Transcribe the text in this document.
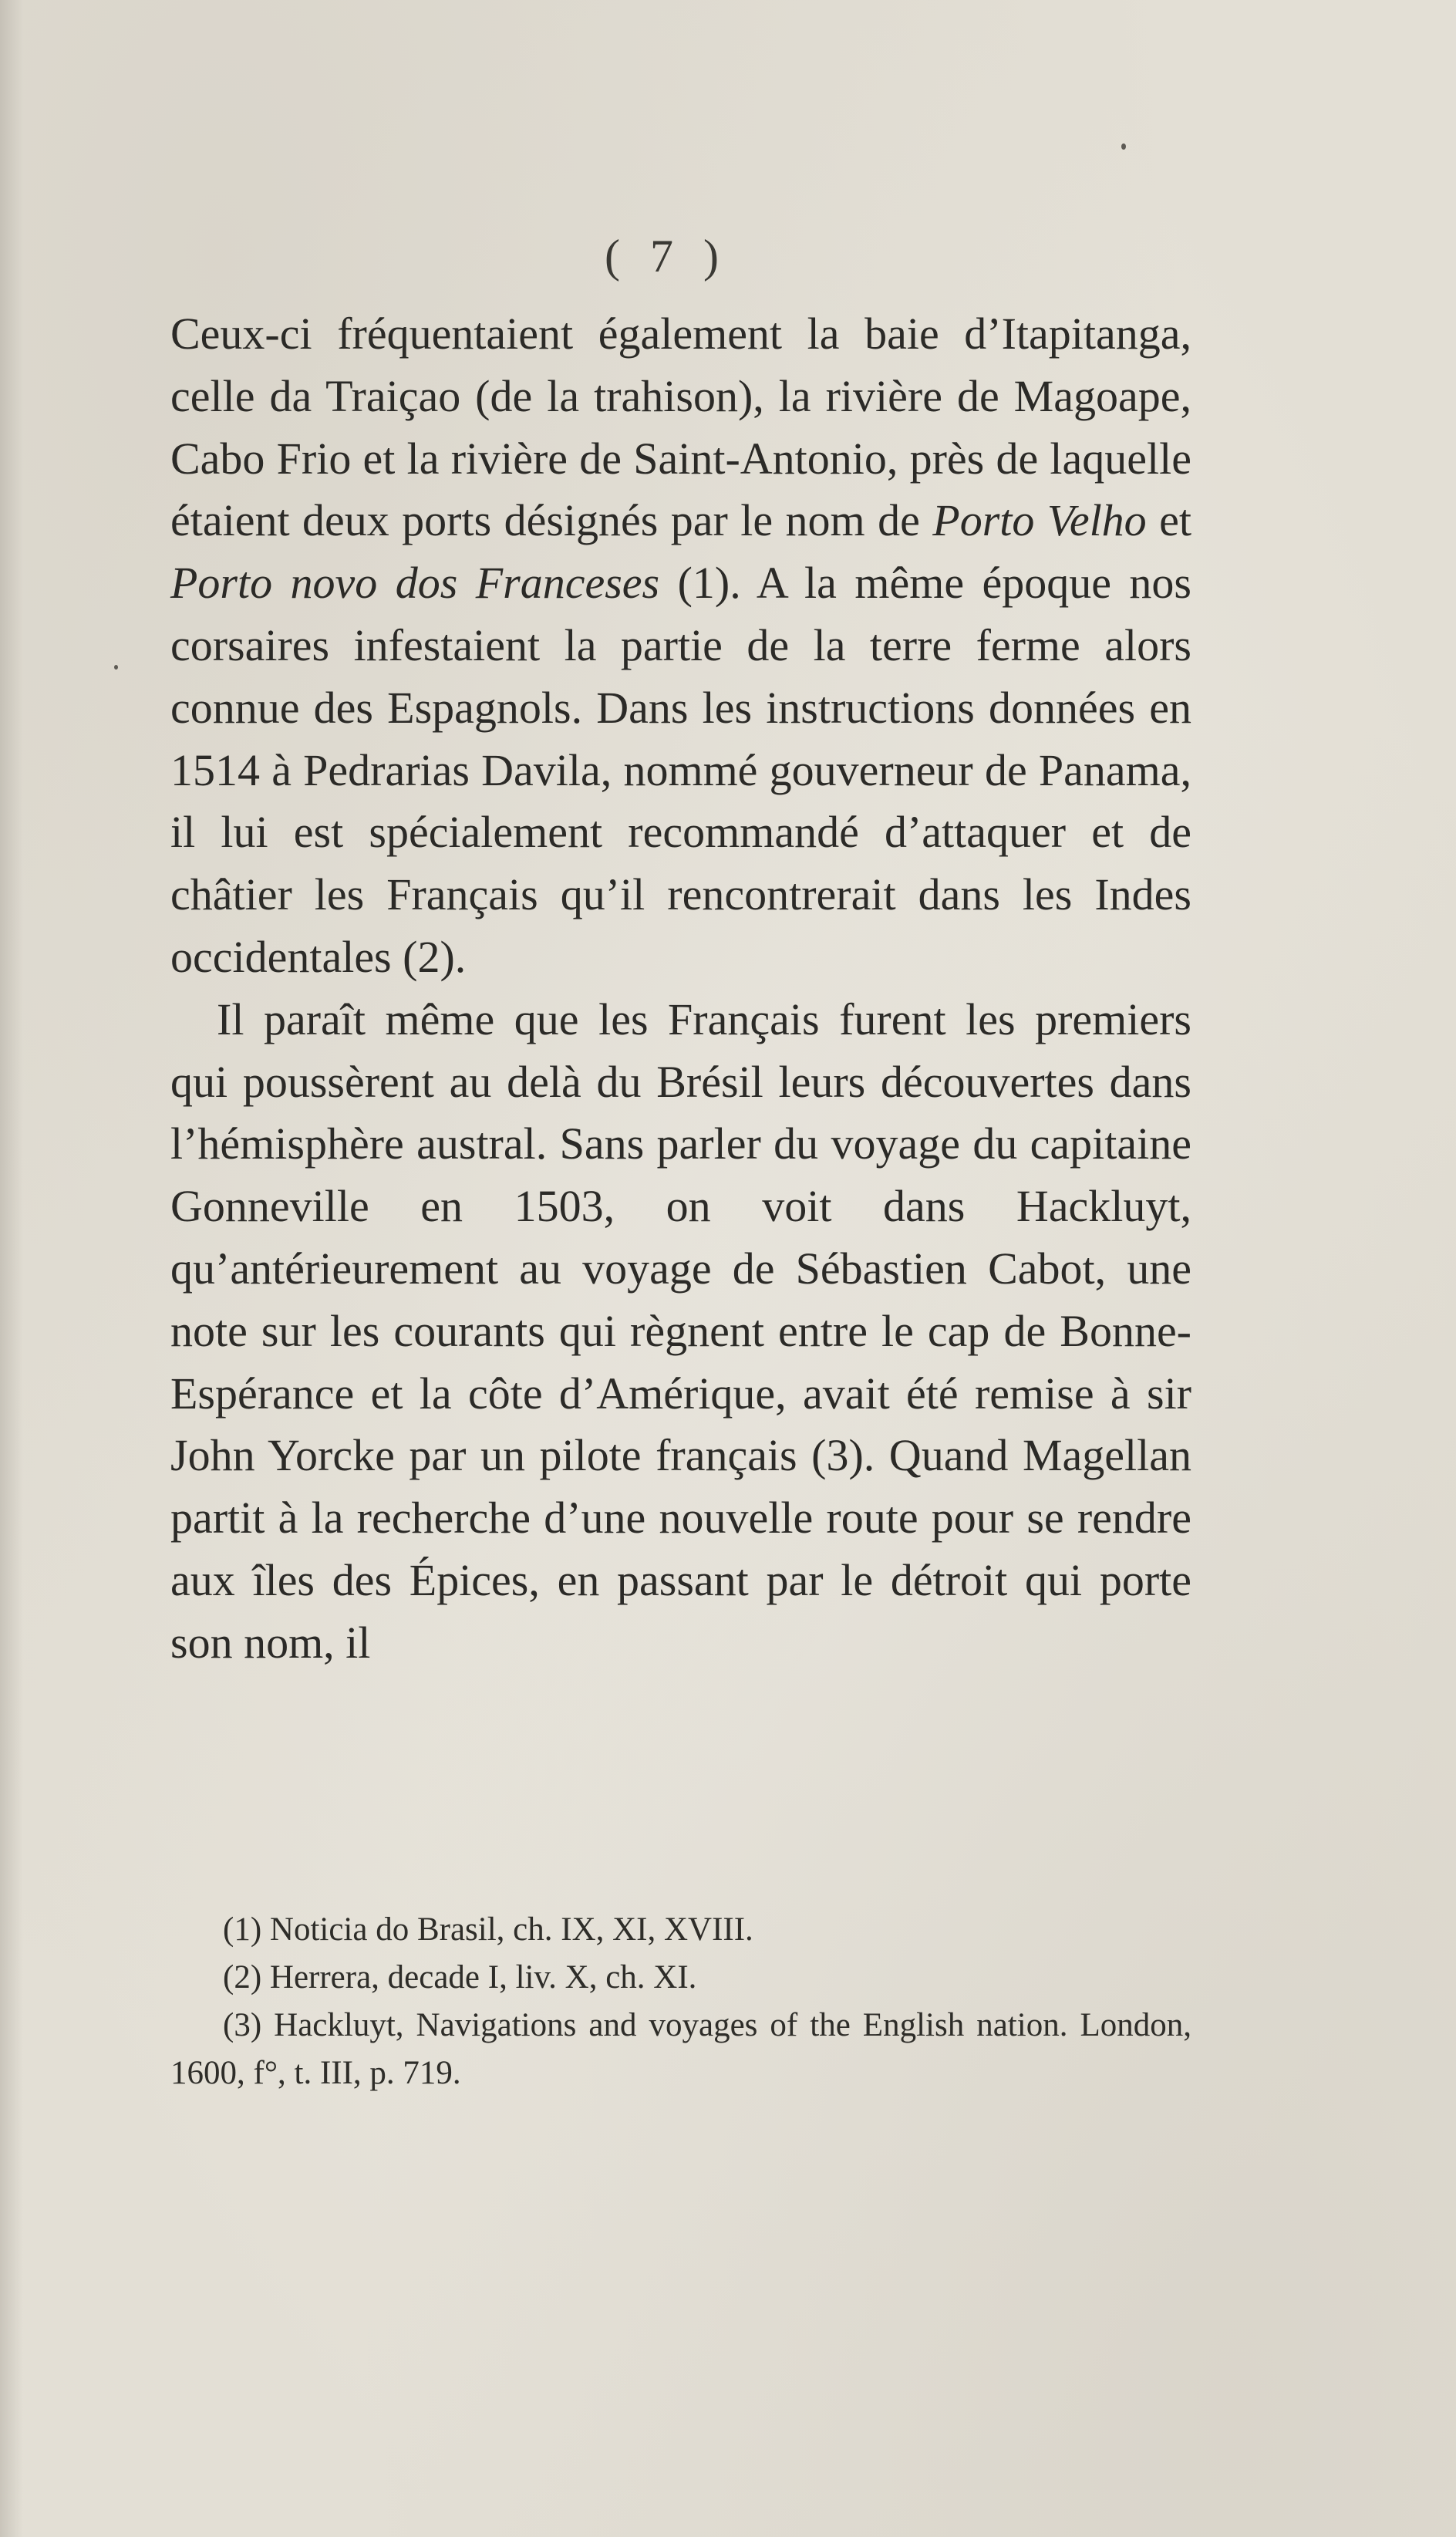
( 7 )

Ceux-ci fréquentaient également la baie d’Itapitanga, celle da Traiçao (de la trahison), la rivière de Magoape, Cabo Frio et la rivière de Saint-Antonio, près de laquelle étaient deux ports désignés par le nom de Porto Velho et Porto novo dos Franceses (1). A la même époque nos corsaires infestaient la partie de la terre ferme alors connue des Espagnols. Dans les instructions données en 1514 à Pedrarias Davila, nommé gouverneur de Panama, il lui est spécialement recommandé d’attaquer et de châtier les Français qu’il rencontrerait dans les Indes occidentales (2).

Il paraît même que les Français furent les premiers qui poussèrent au delà du Brésil leurs découvertes dans l’hémisphère austral. Sans parler du voyage du capitaine Gonneville en 1503, on voit dans Hackluyt, qu’antérieurement au voyage de Sébastien Cabot, une note sur les courants qui règnent entre le cap de Bonne-Espérance et la côte d’Amérique, avait été remise à sir John Yorcke par un pilote français (3). Quand Magellan partit à la recherche d’une nouvelle route pour se rendre aux îles des Épices, en passant par le détroit qui porte son nom, il

(1) Noticia do Brasil, ch. IX, XI, XVIII.

(2) Herrera, decade I, liv. X, ch. XI.

(3) Hackluyt, Navigations and voyages of the English nation. London, 1600, f°, t. III, p. 719.
